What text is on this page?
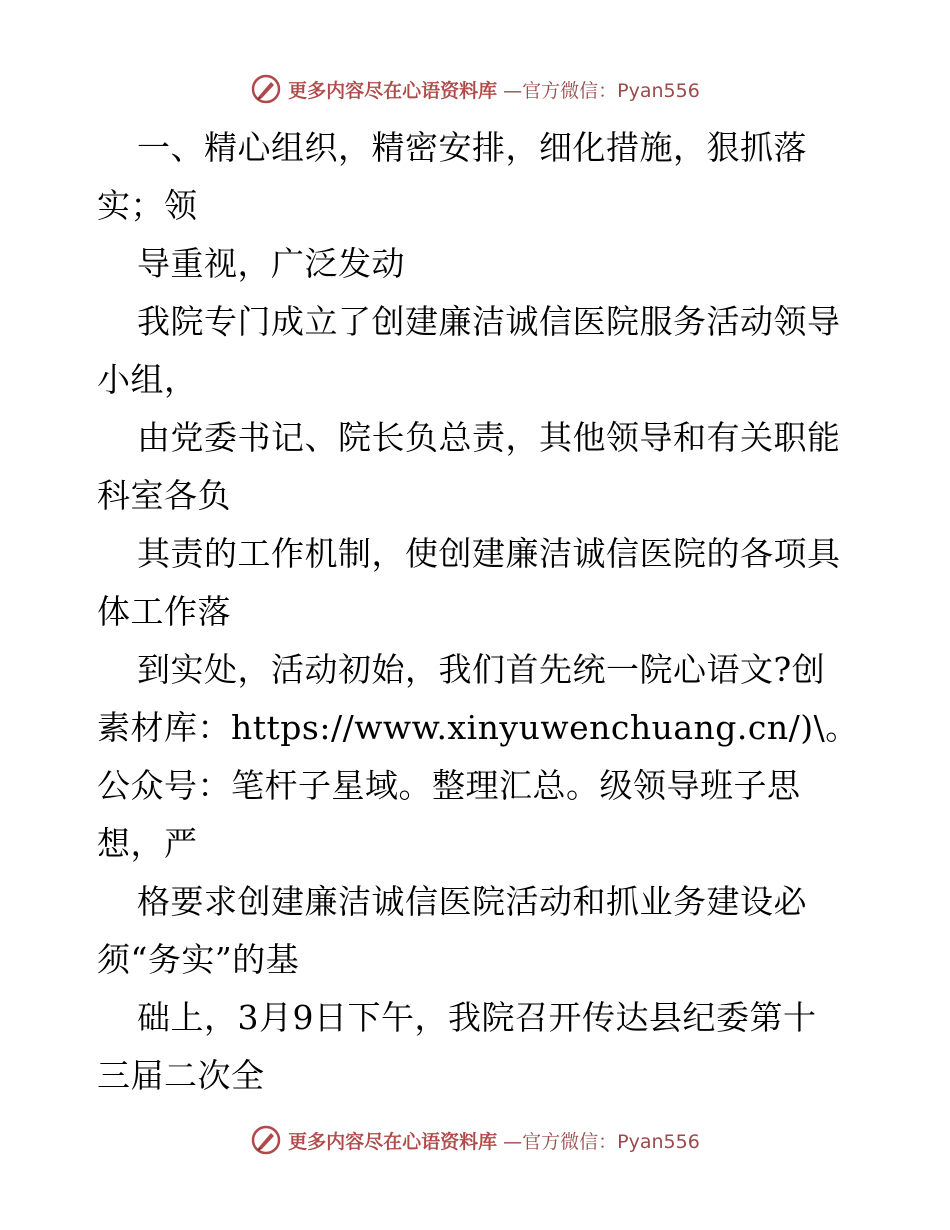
更多内容尽在心语资料库 —官方微信：Pyan556
一、精心组织，精密安排，细化措施，狠抓落
实；领
导重视，广泛发动
我院专门成立了创建廉洁诚信医院服务活动领导
小组，
由党委书记、院长负总责，其他领导和有关职能
科室各负
其责的工作机制，使创建廉洁诚信医院的各项具
体工作落
到实处，活动初始，我们首先统一院心语文?创
素材库：https://www.xinyuwenchuang.cn/)\。
公众号：笔杆子星域。整理汇总。级领导班子思
想，严
格要求创建廉洁诚信医院活动和抓业务建设必
须“务实”的基
础上，3月9日下午，我院召开传达县纪委第十
三届二次全
更多内容尽在心语资料库 —官方微信：Pyan556
